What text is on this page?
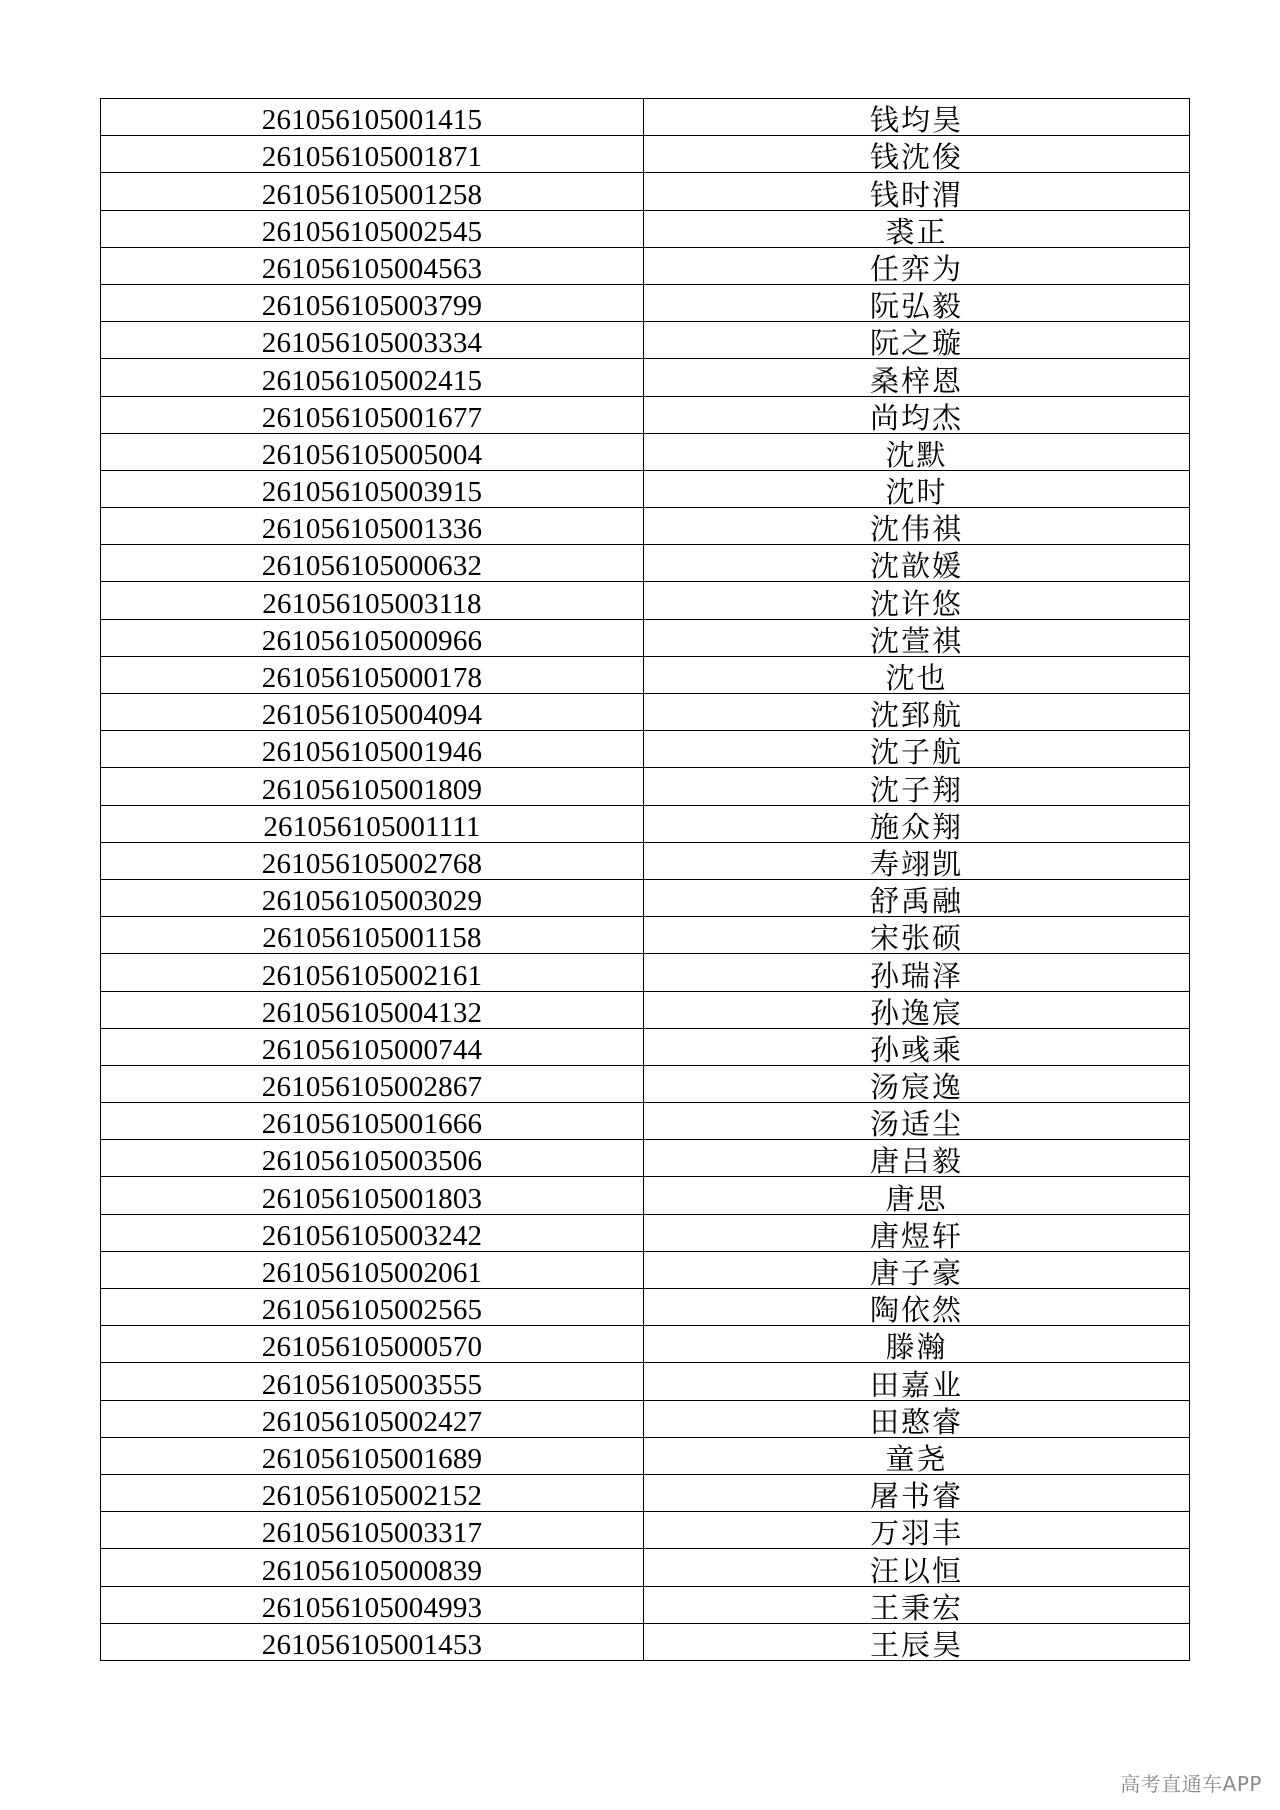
261056105001415	钱均昊
261056105001871	钱沈俊
261056105001258	钱时渭
261056105002545	裘正
261056105004563	任弈为
261056105003799	阮弘毅
261056105003334	阮之璇
261056105002415	桑梓恩
261056105001677	尚均杰
261056105005004	沈默
261056105003915	沈时
261056105001336	沈伟祺
261056105000632	沈歆媛
261056105003118	沈许悠
261056105000966	沈萱祺
261056105000178	沈也
261056105004094	沈郅航
261056105001946	沈子航
261056105001809	沈子翔
261056105001111	施众翔
261056105002768	寿翊凯
261056105003029	舒禹融
261056105001158	宋张硕
261056105002161	孙瑞泽
261056105004132	孙逸宸
261056105000744	孙彧乘
261056105002867	汤宸逸
261056105001666	汤适尘
261056105003506	唐吕毅
261056105001803	唐思
261056105003242	唐煜轩
261056105002061	唐子豪
261056105002565	陶依然
261056105000570	滕瀚
261056105003555	田嘉业
261056105002427	田憨睿
261056105001689	童尧
261056105002152	屠书睿
261056105003317	万羽丰
261056105000839	汪以恒
261056105004993	王秉宏
261056105001453	王辰昊
高考直通车APP
